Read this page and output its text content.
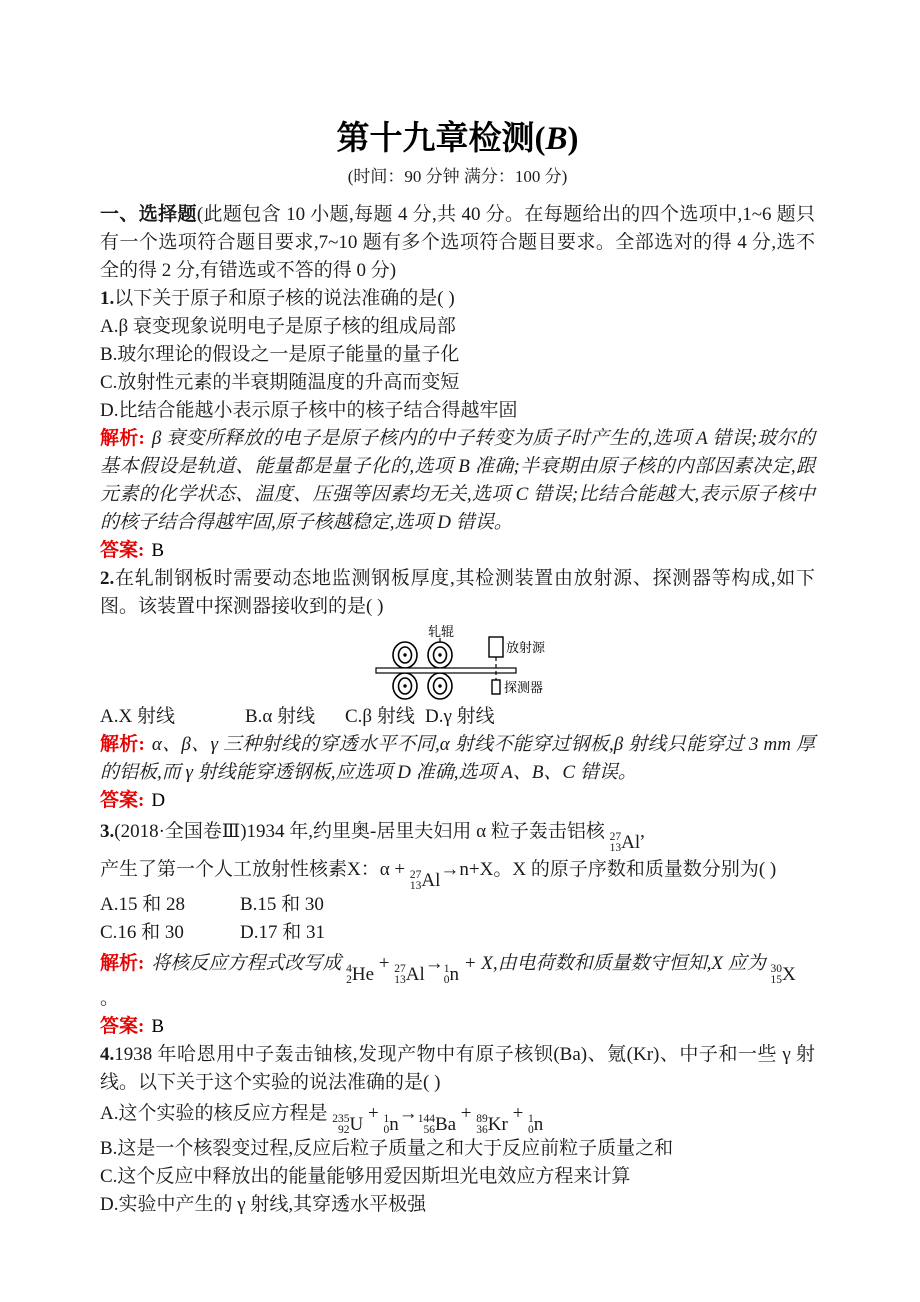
第十九章检测(B)

(时间：90 分钟 满分：100 分)

一、选择题(此题包含 10 小题,每题 4 分,共 40 分。在每题给出的四个选项中,1~6 题只有一个选项符合题目要求,7~10 题有多个选项符合题目要求。全部选对的得 4 分,选不全的得 2 分,有错选或不答的得 0 分)

1.以下关于原子和原子核的说法准确的是( )

A.β 衰变现象说明电子是原子核的组成局部

B.玻尔理论的假设之一是原子能量的量子化

C.放射性元素的半衰期随温度的升高而变短

D.比结合能越小表示原子核中的核子结合得越牢固

解析: β 衰变所释放的电子是原子核内的中子转变为质子时产生的,选项 A 错误;玻尔的基本假设是轨道、能量都是量子化的,选项 B 准确;半衰期由原子核的内部因素决定,跟元素的化学状态、温度、压强等因素均无关,选项 C 错误;比结合能越大,表示原子核中的核子结合得越牢固,原子核越稳定,选项 D 错误。

答案: B

2.在轧制钢板时需要动态地监测钢板厚度,其检测装置由放射源、探测器等构成,如下图。该装置中探测器接收到的是( )

轧辊
放射源
探测器

A.X 射线	B.α 射线 C.β 射线 D.γ 射线

解析: α、β、γ 三种射线的穿透水平不同,α 射线不能穿过钢板,β 射线只能穿过 3 mm 厚的铝板,而 γ 射线能穿透钢板,应选项 D 准确,选项 A、B、C 错误。

答案: D

3.(2018·全国卷Ⅲ)1934 年,约里奥-居里夫妇用 α 粒子轰击铝核 27
13 Al
,

产生了第一个人工放射性核素X：α + 27
13 Al
→n+X。X 的原子序数和质量数分别为( )

A.15 和 28	B.15 和 30

C.16 和 30	D.17 和 31

解析: 将核反应方程式改写成 4
2 He
+ 27
13 Al
→ 1
0 n
+ X,由电荷数和质量数守恒知,X 应为 30
15 X

。

答案: B

4.1938 年哈恩用中子轰击铀核,发现产物中有原子核钡(Ba)、氪(Kr)、中子和一些 γ 射线。以下关于这个实验的说法准确的是( )

A.这个实验的核反应方程是 235
92 U
+ 1
0 n
→ 144
56 Ba
+ 89
36 Kr
+ 1
0 n

B.这是一个核裂变过程,反应后粒子质量之和大于反应前粒子质量之和

C.这个反应中释放出的能量能够用爱因斯坦光电效应方程来计算

D.实验中产生的 γ 射线,其穿透水平极强
